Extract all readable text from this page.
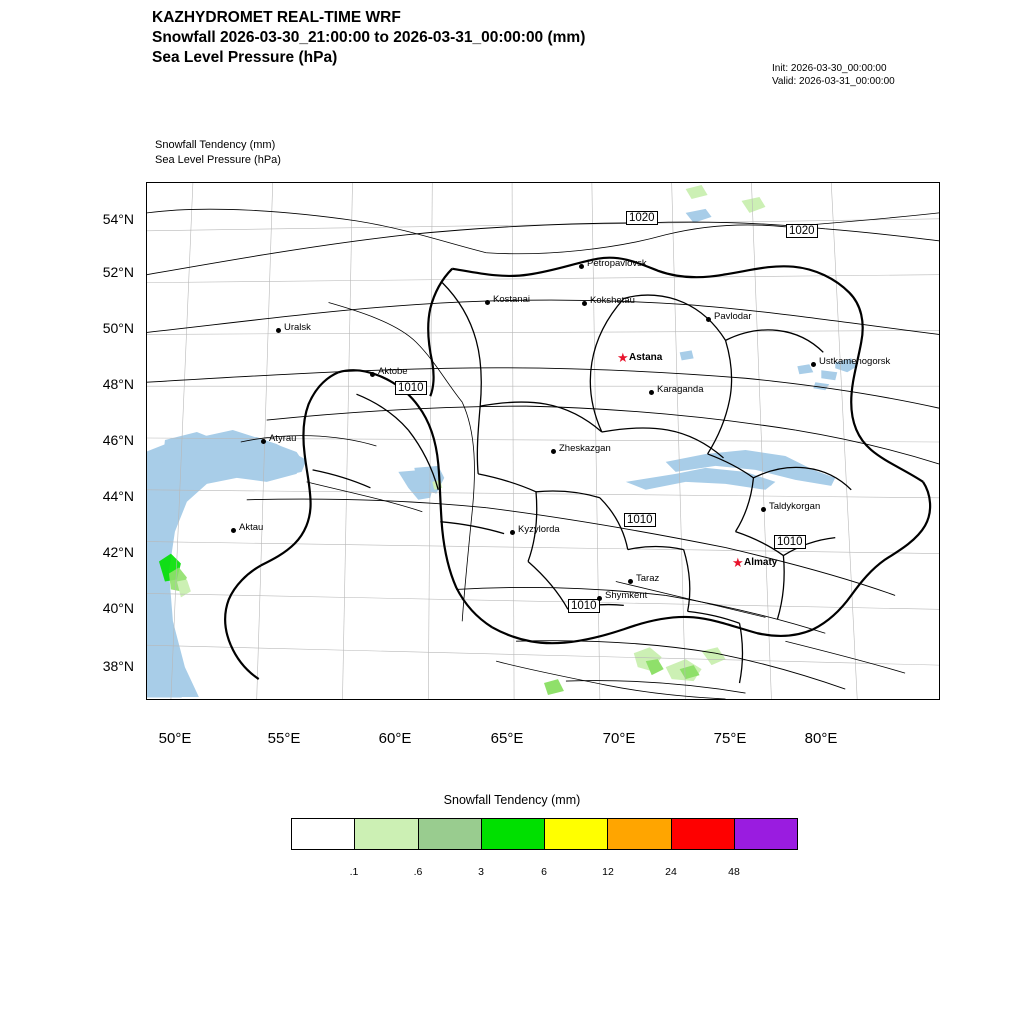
KAZHYDROMET REAL-TIME WRF
Snowfall 2026-03-30_21:00:00 to 2026-03-31_00:00:00 (mm)
Sea Level Pressure (hPa)
Init: 2026-03-30_00:00:00
Valid: 2026-03-31_00:00:00
Snowfall Tendency (mm)
Sea Level Pressure (hPa)
1020
1020
1010
1010
1010
1010
Petropavlovsk
Kostanai	Kokshetau
Pavlodar
Uralsk
★ Astana	Ustkamenogorsk
Aktobe
Karaganda
Atyrau
Zheskazgan
Taldykorgan
Kyzylorda
Aktau
★ Almaty
Taraz
Shymkent
54°N
52°N
50°N
48°N
46°N
44°N
42°N
40°N
38°N
50°E	55°E	60°E	65°E	70°E	75°E	80°E
Snowfall Tendency (mm)
.1	.6	3	6	12	24	48
